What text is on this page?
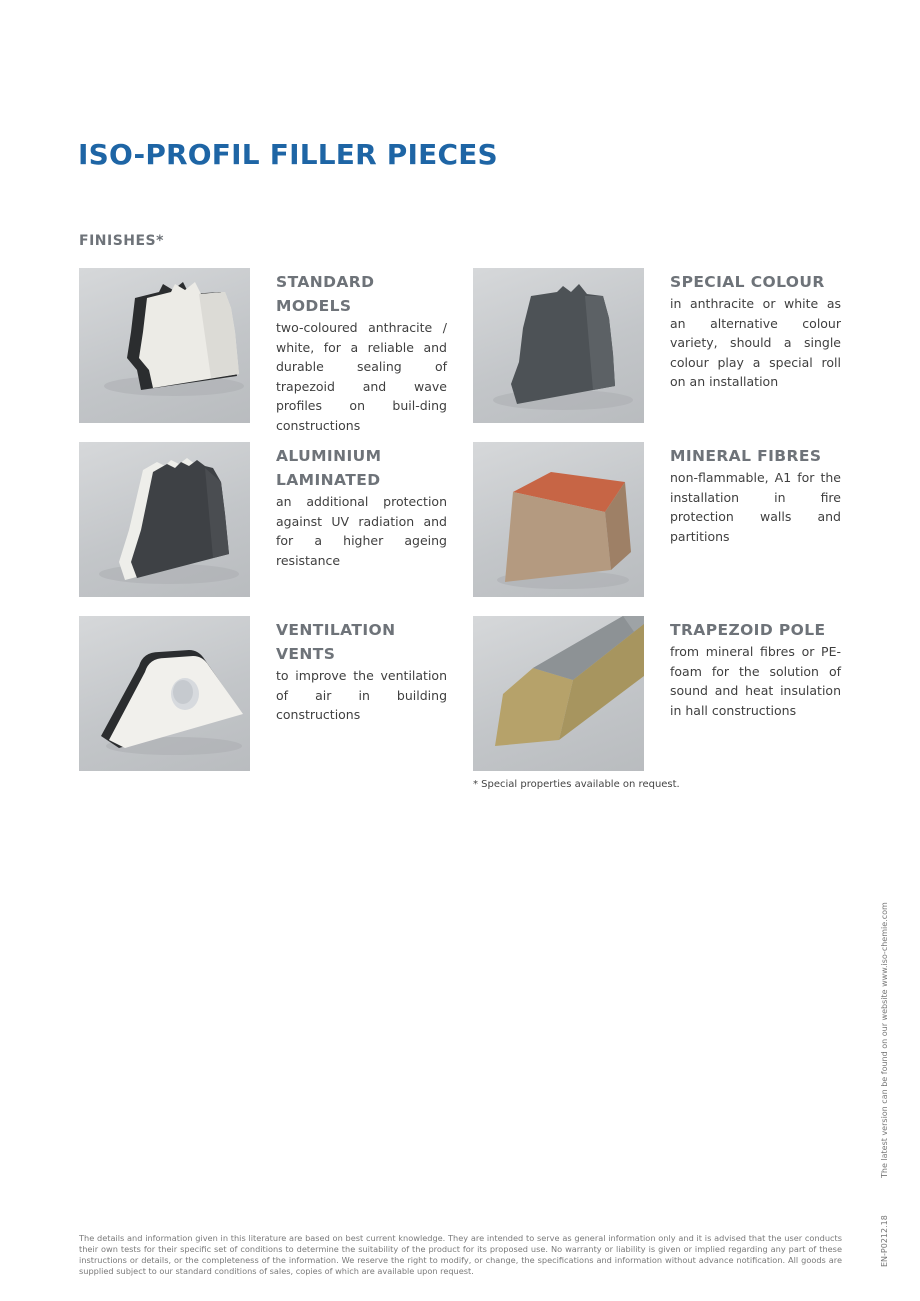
ISO-PROFIL FILLER PIECES
FINISHES*
STANDARD MODELS

two-coloured anthracite / white, for a reliable and durable sealing of trapezoid and wave profiles on buil-ding constructions

SPECIAL COLOUR

in anthracite or white as an alternative colour variety, should a single colour play a special roll on an installation

ALUMINIUM LAMINATED

an additional protection against UV radiation and for a higher ageing resistance

MINERAL FIBRES

non-flammable, A1 for the installation in fire protection walls and partitions

VENTILATION VENTS

to improve the ventilation of air in building constructions

TRAPEZOID POLE

from mineral fibres or PE-foam for the solution of sound and heat insulation in hall constructions

* Special properties available on request.

The latest version can be found on our website www.iso-chemie.com
EN-P0212.18

The details and information given in this literature are based on best current knowledge. They are intended to serve as general information only and it is advised that the user conducts their own tests for their specific set of conditions to determine the suitability of the product for its proposed use. No warranty or liability is given or implied regarding any part of these instructions or details, or the completeness of the information. We reserve the right to modify, or change, the specifications and information without advance notification. All goods are supplied subject to our standard conditions of sales, copies of which are available upon request.
